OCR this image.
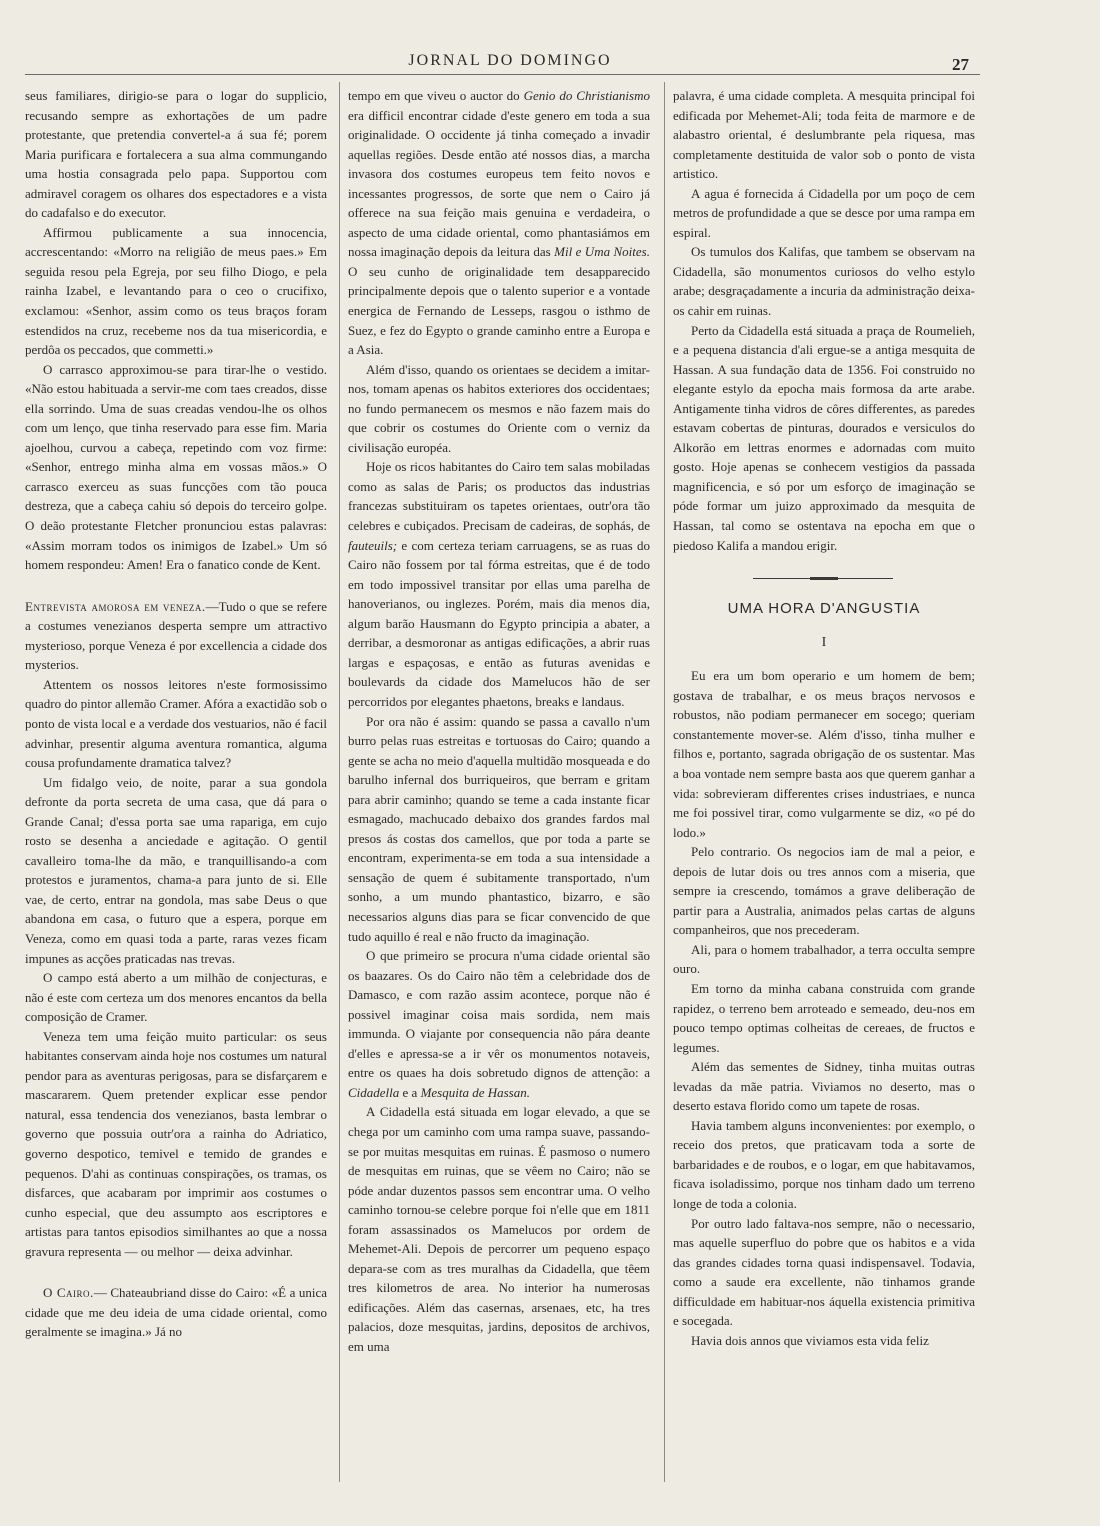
JORNAL DO DOMINGO	27

seus familiares, dirigio-se para o logar do supplicio, recusando sempre as exhortações de um padre protestante, que pretendia convertel-a á sua fé; porem Maria purificara e fortalecera a sua alma commungando uma hostia consagrada pelo papa. Supportou com admiravel coragem os olhares dos espectadores e a vista do cadafalso e do executor.

Affirmou publicamente a sua innocencia, accrescentando: «Morro na religião de meus paes.» Em seguida resou pela Egreja, por seu filho Diogo, e pela rainha Izabel, e levantando para o ceo o crucifixo, exclamou: «Senhor, assim como os teus braços foram estendidos na cruz, recebeme nos da tua misericordia, e perdôa os peccados, que commetti.»

O carrasco approximou-se para tirar-lhe o vestido. «Não estou habituada a servir-me com taes creados, disse ella sorrindo. Uma de suas creadas vendou-lhe os olhos com um lenço, que tinha reservado para esse fim. Maria ajoelhou, curvou a cabeça, repetindo com voz firme: «Senhor, entrego minha alma em vossas mãos.» O carrasco exerceu as suas funcções com tão pouca destreza, que a cabeça cahiu só depois do terceiro golpe. O deão protestante Fletcher pronunciou estas palavras: «Assim morram todos os inimigos de Izabel.» Um só homem respondeu: Amen! Era o fanatico conde de Kent.

Entrevista amorosa em veneza.—Tudo o que se refere a costumes venezianos desperta sempre um attractivo mysterioso, porque Veneza é por excellencia a cidade dos mysterios.

Attentem os nossos leitores n'este formosissimo quadro do pintor allemão Cramer. Afóra a exactidão sob o ponto de vista local e a verdade dos vestuarios, não é facil advinhar, presentir alguma aventura romantica, alguma cousa profundamente dramatica talvez?

Um fidalgo veio, de noite, parar a sua gondola defronte da porta secreta de uma casa, que dá para o Grande Canal; d'essa porta sae uma rapariga, em cujo rosto se desenha a anciedade e agitação. O gentil cavalleiro toma-lhe da mão, e tranquillisando-a com protestos e juramentos, chama-a para junto de si. Elle vae, de certo, entrar na gondola, mas sabe Deus o que abandona em casa, o futuro que a espera, porque em Veneza, como em quasi toda a parte, raras vezes ficam impunes as acções praticadas nas trevas.

O campo está aberto a um milhão de conjecturas, e não é este com certeza um dos menores encantos da bella composição de Cramer.

Veneza tem uma feição muito particular: os seus habitantes conservam ainda hoje nos costumes um natural pendor para as aventuras perigosas, para se disfarçarem e mascararem. Quem pretender explicar esse pendor natural, essa tendencia dos venezianos, basta lembrar o governo que possuia outr'ora a rainha do Adriatico, governo despotico, temivel e temido de grandes e pequenos. D'ahi as continuas conspirações, os tramas, os disfarces, que acabaram por imprimir aos costumes o cunho especial, que deu assumpto aos escriptores e artistas para tantos episodios similhantes ao que a nossa gravura representa — ou melhor — deixa advinhar.

O Cairo.— Chateaubriand disse do Cairo: «É a unica cidade que me deu ideia de uma cidade oriental, como geralmente se imagina.» Já no

tempo em que viveu o auctor do Genio do Christianismo era difficil encontrar cidade d'este genero em toda a sua originalidade. O occidente já tinha começado a invadir aquellas regiões. Desde então até nossos dias, a marcha invasora dos costumes europeus tem feito novos e incessantes progressos, de sorte que nem o Cairo já offerece na sua feição mais genuina e verdadeira, o aspecto de uma cidade oriental, como phantasiámos em nossa imaginação depois da leitura das Mil e Uma Noites. O seu cunho de originalidade tem desapparecido principalmente depois que o talento superior e a vontade energica de Fernando de Lesseps, rasgou o isthmo de Suez, e fez do Egypto o grande caminho entre a Europa e a Asia.

Além d'isso, quando os orientaes se decidem a imitar-nos, tomam apenas os habitos exteriores dos occidentaes; no fundo permanecem os mesmos e não fazem mais do que cobrir os costumes do Oriente com o verniz da civilisação européa.

Hoje os ricos habitantes do Cairo tem salas mobiladas como as salas de Paris; os productos das industrias francezas substituiram os tapetes orientaes, outr'ora tão celebres e cubiçados. Precisam de cadeiras, de sophás, de fauteuils; e com certeza teriam carruagens, se as ruas do Cairo não fossem por tal fórma estreitas, que é de todo em todo impossivel transitar por ellas uma parelha de hanoverianos, ou inglezes. Porém, mais dia menos dia, algum barão Hausmann do Egypto principia a abater, a derribar, a desmoronar as antigas edificações, a abrir ruas largas e espaçosas, e então as futuras avenidas e boulevards da cidade dos Mamelucos hão de ser percorridos por elegantes phaetons, breaks e landaus.

Por ora não é assim: quando se passa a cavallo n'um burro pelas ruas estreitas e tortuosas do Cairo; quando a gente se acha no meio d'aquella multidão mosqueada e do barulho infernal dos burriqueiros, que berram e gritam para abrir caminho; quando se teme a cada instante ficar esmagado, machucado debaixo dos grandes fardos mal presos ás costas dos camellos, que por toda a parte se encontram, experimenta-se em toda a sua intensidade a sensação de quem é subitamente transportado, n'um sonho, a um mundo phantastico, bizarro, e são necessarios alguns dias para se ficar convencido de que tudo aquillo é real e não fructo da imaginação.

O que primeiro se procura n'uma cidade oriental são os baazares. Os do Cairo não têm a celebridade dos de Damasco, e com razão assim acontece, porque não é possivel imaginar coisa mais sordida, nem mais immunda. O viajante por consequencia não pára deante d'elles e apressa-se a ir vêr os monumentos notaveis, entre os quaes ha dois sobretudo dignos de attenção: a Cidadella e a Mesquita de Hassan.

A Cidadella está situada em logar elevado, a que se chega por um caminho com uma rampa suave, passando-se por muitas mesquitas em ruinas. É pasmoso o numero de mesquitas em ruinas, que se vêem no Cairo; não se póde andar duzentos passos sem encontrar uma. O velho caminho tornou-se celebre porque foi n'elle que em 1811 foram assassinados os Mamelucos por ordem de Mehemet-Ali. Depois de percorrer um pequeno espaço depara-se com as tres muralhas da Cidadella, que têem tres kilometros de area. No interior ha numerosas edificações. Além das casernas, arsenaes, etc, ha tres palacios, doze mesquitas, jardins, depositos de archivos, em uma

palavra, é uma cidade completa. A mesquita principal foi edificada por Mehemet-Ali; toda feita de marmore e de alabastro oriental, é deslumbrante pela riquesa, mas completamente destituida de valor sob o ponto de vista artistico.

A agua é fornecida á Cidadella por um poço de cem metros de profundidade a que se desce por uma rampa em espiral.

Os tumulos dos Kalifas, que tambem se observam na Cidadella, são monumentos curiosos do velho estylo arabe; desgraçadamente a incuria da administração deixa-os cahir em ruinas.

Perto da Cidadella está situada a praça de Roumelieh, e a pequena distancia d'ali ergue-se a antiga mesquita de Hassan. A sua fundação data de 1356. Foi construido no elegante estylo da epocha mais formosa da arte arabe. Antigamente tinha vidros de côres differentes, as paredes estavam cobertas de pinturas, dourados e versiculos do Alkorão em lettras enormes e adornadas com muito gosto. Hoje apenas se conhecem vestigios da passada magnificencia, e só por um esforço de imaginação se póde formar um juizo approximado da mesquita de Hassan, tal como se ostentava na epocha em que o piedoso Kalifa a mandou erigir.

UMA HORA D'ANGUSTIA

I

Eu era um bom operario e um homem de bem; gostava de trabalhar, e os meus braços nervosos e robustos, não podiam permanecer em socego; queriam constantemente mover-se. Além d'isso, tinha mulher e filhos e, portanto, sagrada obrigação de os sustentar. Mas a boa vontade nem sempre basta aos que querem ganhar a vida: sobrevieram differentes crises industriaes, e nunca me foi possivel tirar, como vulgarmente se diz, «o pé do lodo.»

Pelo contrario. Os negocios iam de mal a peior, e depois de lutar dois ou tres annos com a miseria, que sempre ia crescendo, tomámos a grave deliberação de partir para a Australia, animados pelas cartas de alguns companheiros, que nos precederam.

Ali, para o homem trabalhador, a terra occulta sempre ouro.

Em torno da minha cabana construida com grande rapidez, o terreno bem arroteado e semeado, deu-nos em pouco tempo optimas colheitas de cereaes, de fructos e legumes.

Além das sementes de Sidney, tinha muitas outras levadas da mãe patria. Viviamos no deserto, mas o deserto estava florido como um tapete de rosas.

Havia tambem alguns inconvenientes: por exemplo, o receio dos pretos, que praticavam toda a sorte de barbaridades e de roubos, e o logar, em que habitavamos, ficava isoladissimo, porque nos tinham dado um terreno longe de toda a colonia.

Por outro lado faltava-nos sempre, não o necessario, mas aquelle superfluo do pobre que os habitos e a vida das grandes cidades torna quasi indispensavel. Todavia, como a saude era excellente, não tinhamos grande difficuldade em habituar-nos áquella existencia primitiva e socegada.

Havia dois annos que viviamos esta vida feliz
